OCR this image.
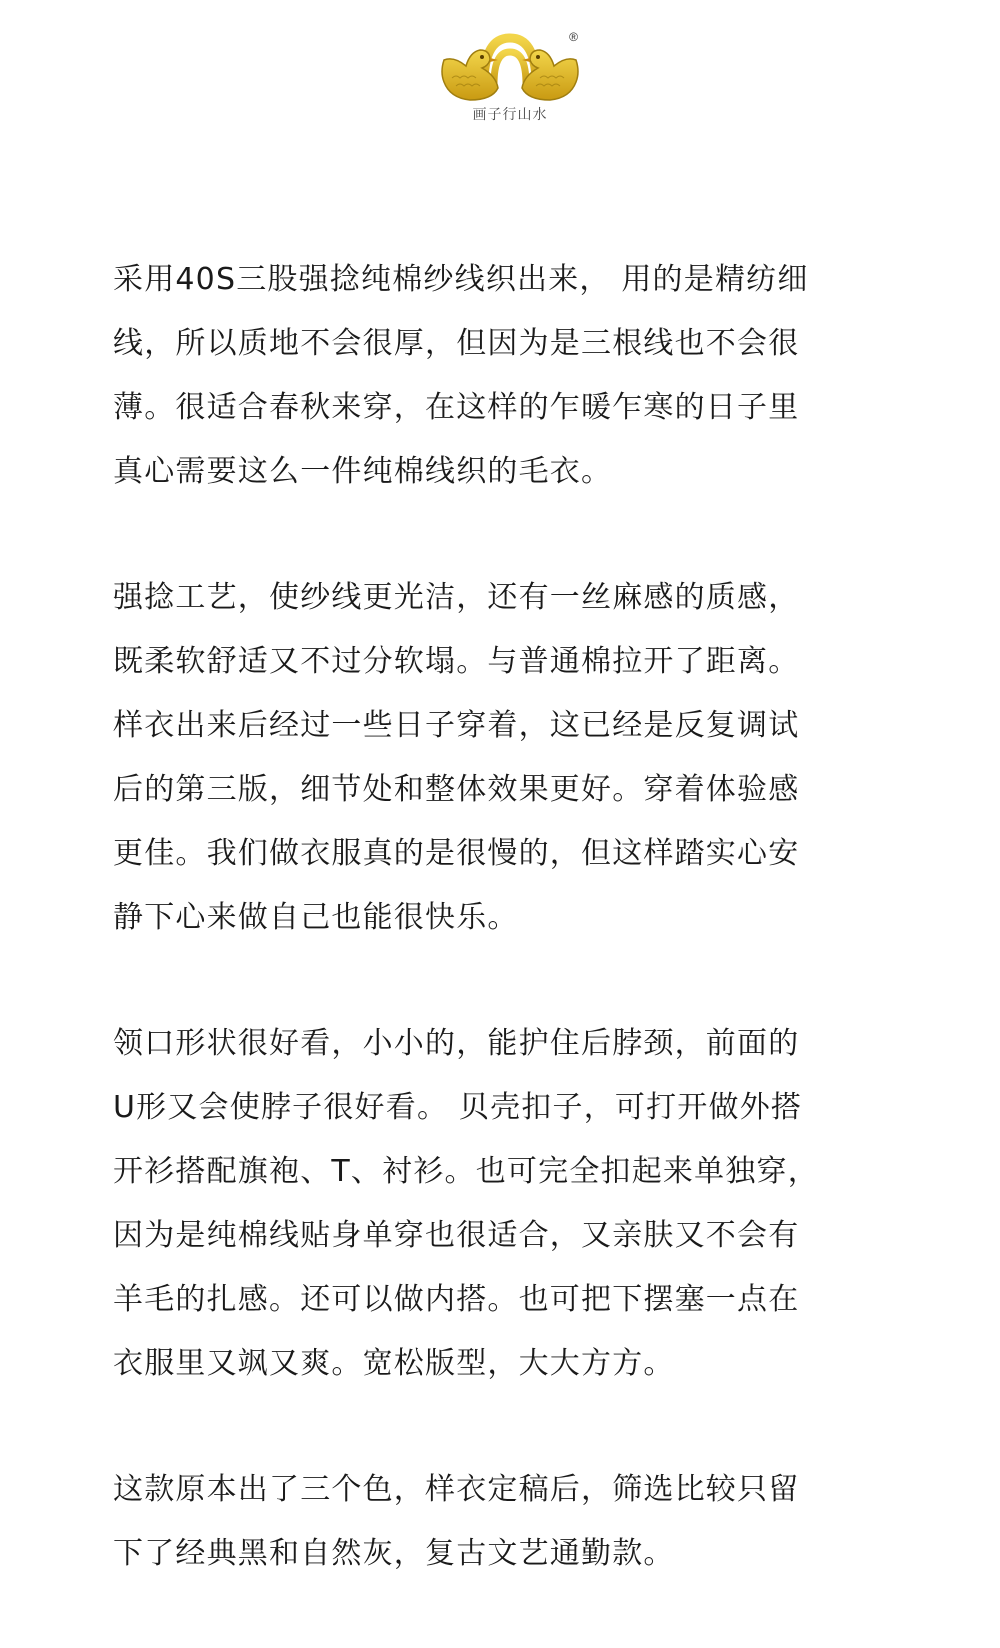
®
画子行山水

采用40S三股强捻纯棉纱线织出来， 用的是精纺细
线，所以质地不会很厚，但因为是三根线也不会很
薄。很适合春秋来穿，在这样的乍暖乍寒的日子里
真心需要这么一件纯棉线织的毛衣。

强捻工艺，使纱线更光洁，还有一丝麻感的质感，
既柔软舒适又不过分软塌。与普通棉拉开了距离。
样衣出来后经过一些日子穿着，这已经是反复调试
后的第三版，细节处和整体效果更好。穿着体验感
更佳。我们做衣服真的是很慢的，但这样踏实心安
静下心来做自己也能很快乐。

领口形状很好看，小小的，能护住后脖颈，前面的
U形又会使脖子很好看。 贝壳扣子，可打开做外搭
开衫搭配旗袍、T、衬衫。也可完全扣起来单独穿，
因为是纯棉线贴身单穿也很适合，又亲肤又不会有
羊毛的扎感。还可以做内搭。也可把下摆塞一点在
衣服里又飒又爽。宽松版型，大大方方。

这款原本出了三个色，样衣定稿后，筛选比较只留
下了经典黑和自然灰，复古文艺通勤款。
